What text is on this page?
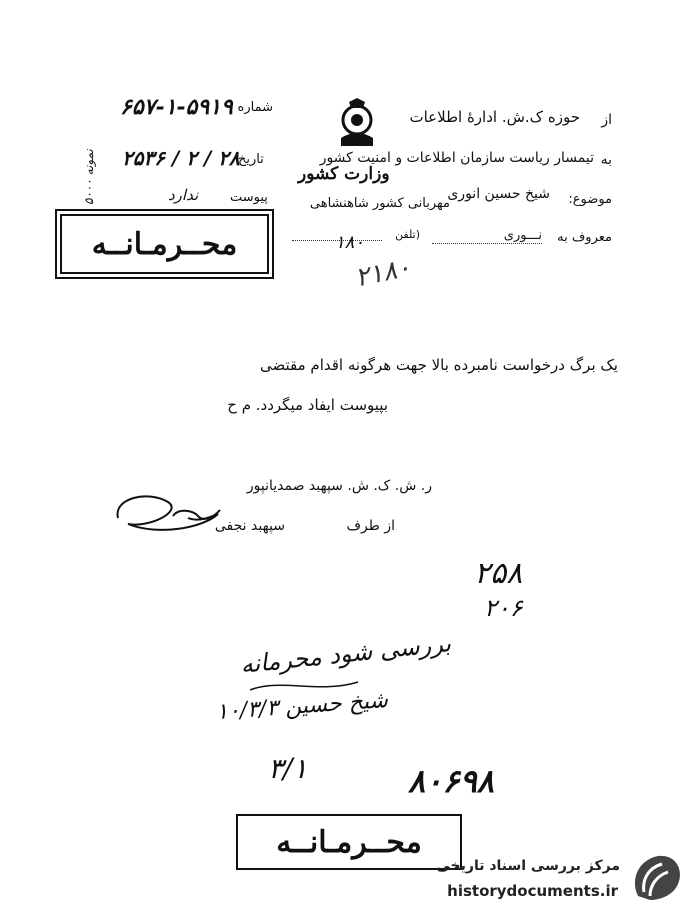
نمونه ۵۰۰۰
شماره
۶۵۷-۱-۵۹۱۹
تاریخ
۲۵۳۶ / ۲ / ۲۸
پیوست
ندارد
از
حوزه ک.ش. ادارۀ اطلاعات
به
تیمسار ریاست سازمان اطلاعات و امنیت کشور
وزارت کشور
موضوع:
شیخ حسین انوری
مهربانی کشور شاهنشاهی
معروف به
نـــوری
(تلفن
۱۸۰
۲۱۸۰
محــرمـانــه
یک برگ درخواست نامبرده بالا جهت هرگونه اقدام مقتضی
بپیوست ایفاد میگردد. م ح
ر. ش. ک. ش. سپهبد صمدیانپور
از طرف
سپهبد نجفی
۲۵۸
۲۰۶
بررسی شود محرمانه
شیخ حسین ۱۰/۳/۳
۳/۱	۸۰۶۹۸
محــرمـانــه
مرکز بررسی اسناد تاریخی
historydocuments.ir
